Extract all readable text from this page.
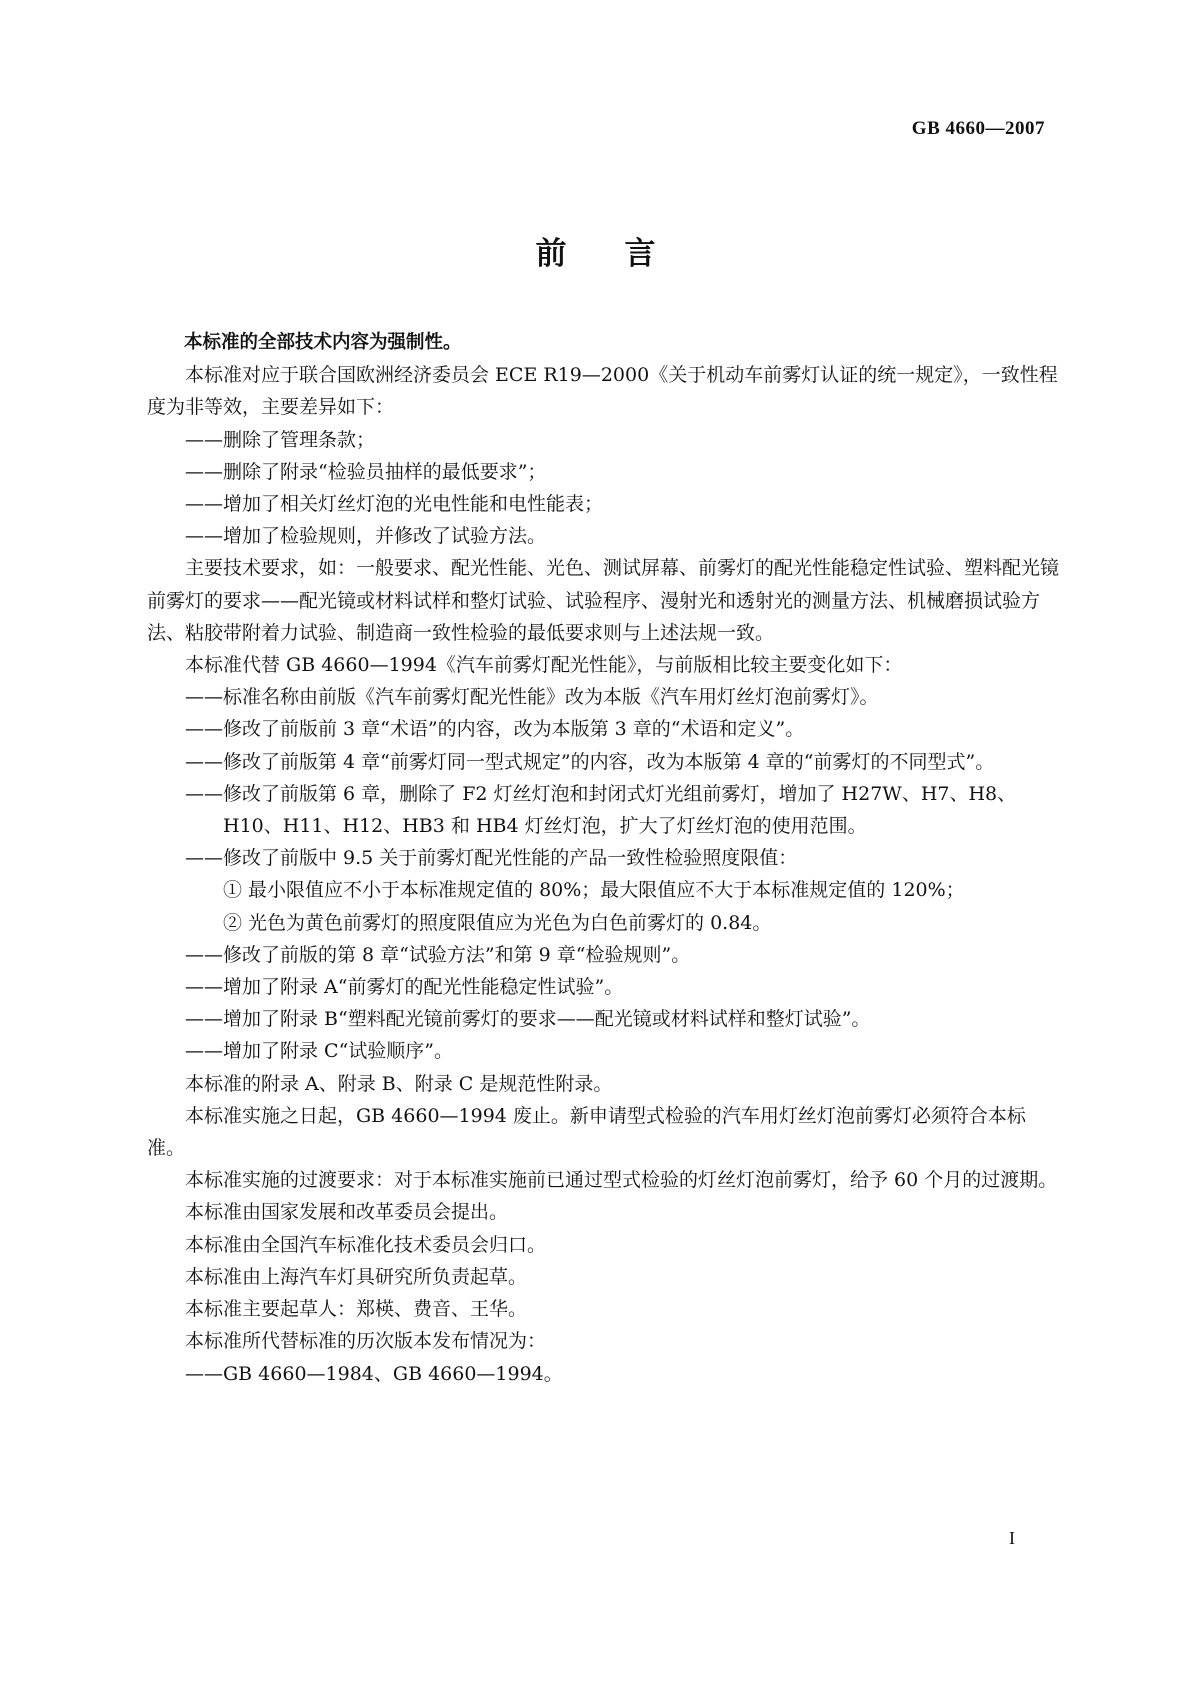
GB 4660—2007
前言

本标准的全部技术内容为强制性。

本标准对应于联合国欧洲经济委员会 ECE R19—2000《关于机动车前雾灯认证的统一规定》，一致性程度为非等效，主要差异如下：

——删除了管理条款；

——删除了附录“检验员抽样的最低要求”；

——增加了相关灯丝灯泡的光电性能和电性能表；

——增加了检验规则，并修改了试验方法。

主要技术要求，如：一般要求、配光性能、光色、测试屏幕、前雾灯的配光性能稳定性试验、塑料配光镜前雾灯的要求——配光镜或材料试样和整灯试验、试验程序、漫射光和透射光的测量方法、机械磨损试验方法、粘胶带附着力试验、制造商一致性检验的最低要求则与上述法规一致。

本标准代替 GB 4660—1994《汽车前雾灯配光性能》，与前版相比较主要变化如下：

——标准名称由前版《汽车前雾灯配光性能》改为本版《汽车用灯丝灯泡前雾灯》。

——修改了前版前 3 章“术语”的内容，改为本版第 3 章的“术语和定义”。

——修改了前版第 4 章“前雾灯同一型式规定”的内容，改为本版第 4 章的“前雾灯的不同型式”。

——修改了前版第 6 章，删除了 F2 灯丝灯泡和封闭式灯光组前雾灯，增加了 H27W、H7、H8、H10、H11、H12、HB3 和 HB4 灯丝灯泡，扩大了灯丝灯泡的使用范围。

——修改了前版中 9.5 关于前雾灯配光性能的产品一致性检验照度限值：

① 最小限值应不小于本标准规定值的 80%；最大限值应不大于本标准规定值的 120%；

② 光色为黄色前雾灯的照度限值应为光色为白色前雾灯的 0.84。

——修改了前版的第 8 章“试验方法”和第 9 章“检验规则”。

——增加了附录 A“前雾灯的配光性能稳定性试验”。

——增加了附录 B“塑料配光镜前雾灯的要求——配光镜或材料试样和整灯试验”。

——增加了附录 C“试验顺序”。

本标准的附录 A、附录 B、附录 C 是规范性附录。

本标准实施之日起，GB 4660—1994 废止。新申请型式检验的汽车用灯丝灯泡前雾灯必须符合本标准。

本标准实施的过渡要求：对于本标准实施前已通过型式检验的灯丝灯泡前雾灯，给予 60 个月的过渡期。

本标准由国家发展和改革委员会提出。

本标准由全国汽车标准化技术委员会归口。

本标准由上海汽车灯具研究所负责起草。

本标准主要起草人：郑楧、费音、王华。

本标准所代替标准的历次版本发布情况为：

——GB 4660—1984、GB 4660—1994。

I
